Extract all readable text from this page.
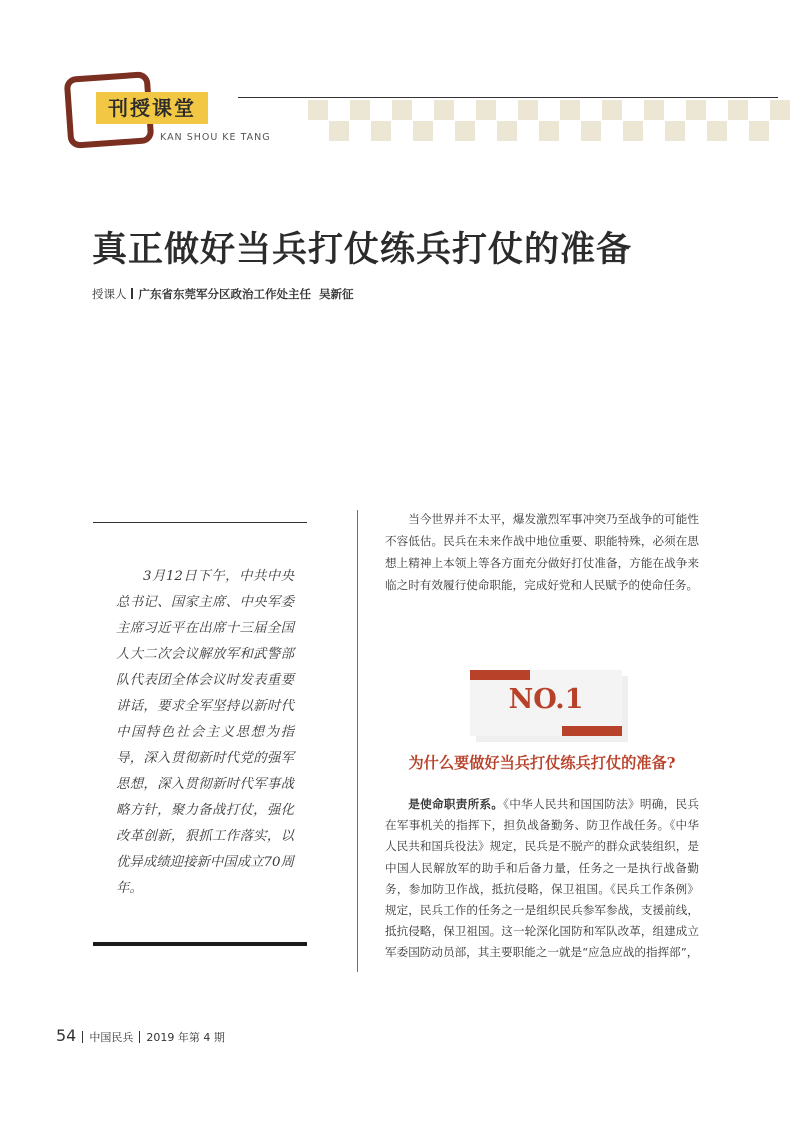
刊授课堂
KAN SHOU KE TANG
真正做好当兵打仗练兵打仗的准备
授课人 广东省东莞军分区政治工作处主任 吴新征
3月12日下午，中共中央总书记、国家主席、中央军委主席习近平在出席十三届全国人大二次会议解放军和武警部队代表团全体会议时发表重要讲话，要求全军坚持以新时代中国特色社会主义思想为指导，深入贯彻新时代党的强军思想，深入贯彻新时代军事战略方针，聚力备战打仗，强化改革创新，狠抓工作落实，以优异成绩迎接新中国成立70周年。
当今世界并不太平，爆发激烈军事冲突乃至战争的可能性不容低估。民兵在未来作战中地位重要、职能特殊，必须在思想上精神上本领上等各方面充分做好打仗准备，方能在战争来临之时有效履行使命职能，完成好党和人民赋予的使命任务。
NO.1
为什么要做好当兵打仗练兵打仗的准备?
是使命职责所系。《中华人民共和国国防法》明确，民兵在军事机关的指挥下，担负战备勤务、防卫作战任务。《中华人民共和国兵役法》规定，民兵是不脱产的群众武装组织，是中国人民解放军的助手和后备力量，任务之一是执行战备勤务，参加防卫作战，抵抗侵略，保卫祖国。《民兵工作条例》规定，民兵工作的任务之一是组织民兵参军参战，支援前线，抵抗侵略，保卫祖国。这一轮深化国防和军队改革，组建成立军委国防动员部，其主要职能之一就是“应急应战的指挥部”，
54 中国民兵 2019 年第 4 期
